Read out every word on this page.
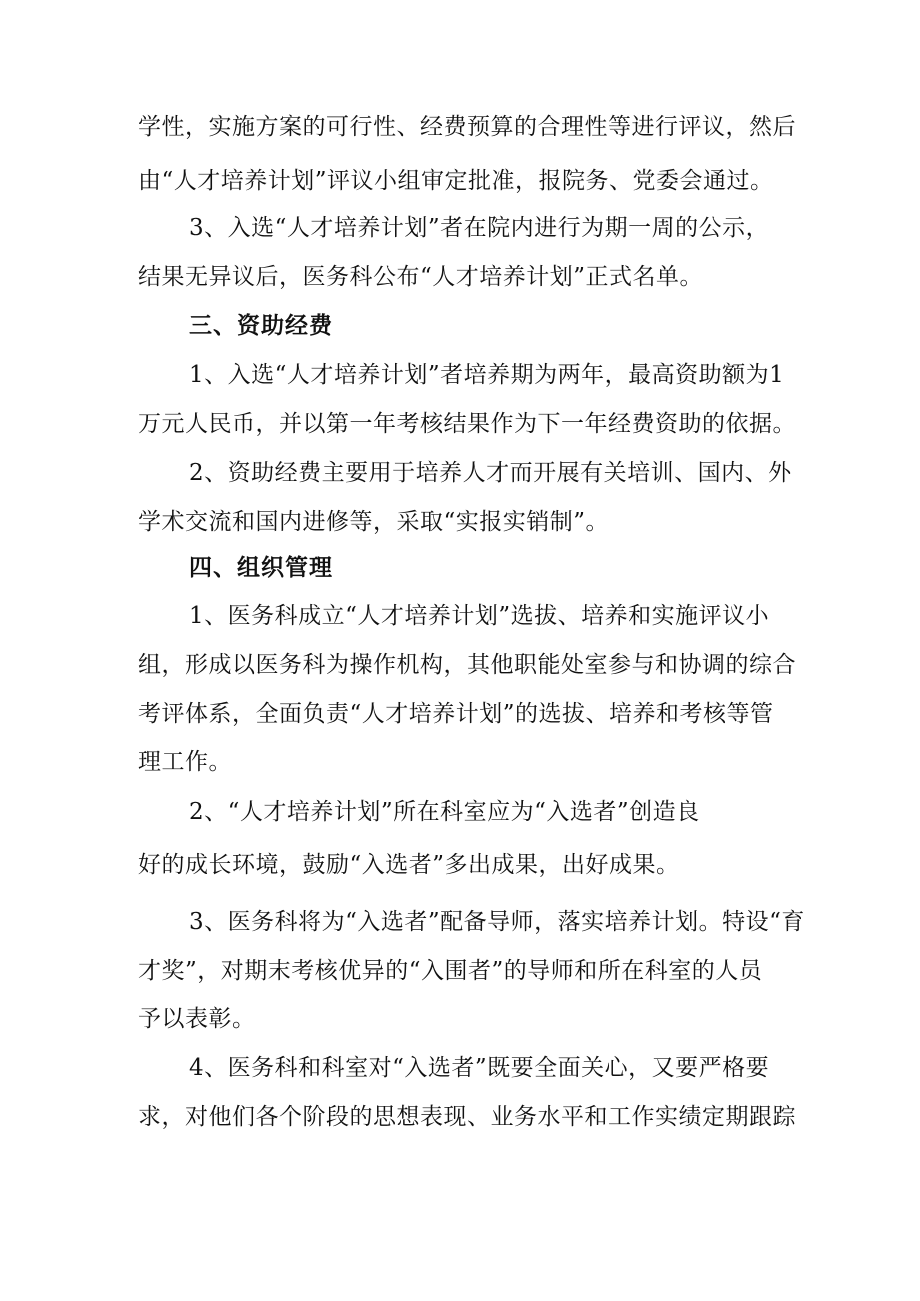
学性，实施方案的可行性、经费预算的合理性等进行评议，然后

由“人才培养计划”评议小组审定批准，报院务、党委会通过。

3、入选“人才培养计划”者在院内进行为期一周的公示，

结果无异议后，医务科公布“人才培养计划”正式名单。

三、资助经费

1、入选“人才培养计划”者培养期为两年，最高资助额为1

万元人民币，并以第一年考核结果作为下一年经费资助的依据。

2、资助经费主要用于培养人才而开展有关培训、国内、外

学术交流和国内进修等，采取“实报实销制”。

四、组织管理

1、医务科成立“人才培养计划”选拔、培养和实施评议小

组，形成以医务科为操作机构，其他职能处室参与和协调的综合

考评体系，全面负责“人才培养计划”的选拔、培养和考核等管

理工作。

2、“人才培养计划”所在科室应为“入选者”创造良

好的成长环境，鼓励“入选者”多出成果，出好成果。

3、医务科将为“入选者”配备导师，落实培养计划。特设“育

才奖”，对期末考核优异的“入围者”的导师和所在科室的人员

予以表彰。

4、医务科和科室对“入选者”既要全面关心，又要严格要

求，对他们各个阶段的思想表现、业务水平和工作实绩定期跟踪
